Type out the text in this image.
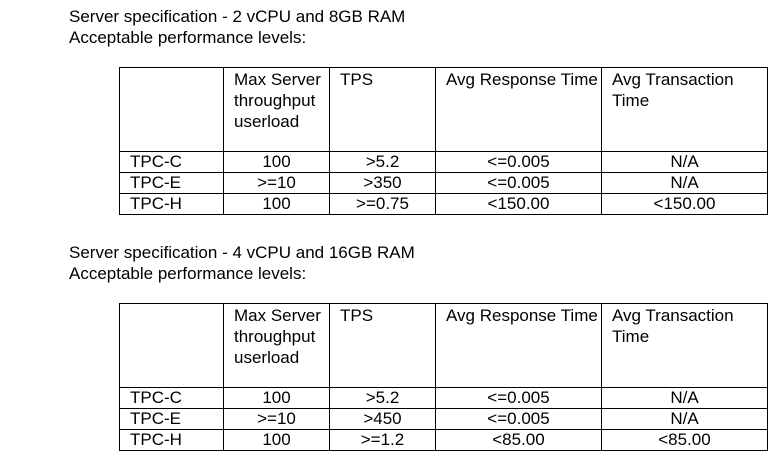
Server specification - 2 vCPU and 8GB RAM
Acceptable performance levels:
	Max Server throughput userload	TPS	Avg Response Time	Avg Transaction Time
TPC-C	100	>5.2	<=0.005	N/A
TPC-E	>=10	>350	<=0.005	N/A
TPC-H	100	>=0.75	<150.00	<150.00
Server specification - 4 vCPU and 16GB RAM
Acceptable performance levels:
	Max Server throughput userload	TPS	Avg Response Time	Avg Transaction Time
TPC-C	100	>5.2	<=0.005	N/A
TPC-E	>=10	>450	<=0.005	N/A
TPC-H	100	>=1.2	<85.00	<85.00
